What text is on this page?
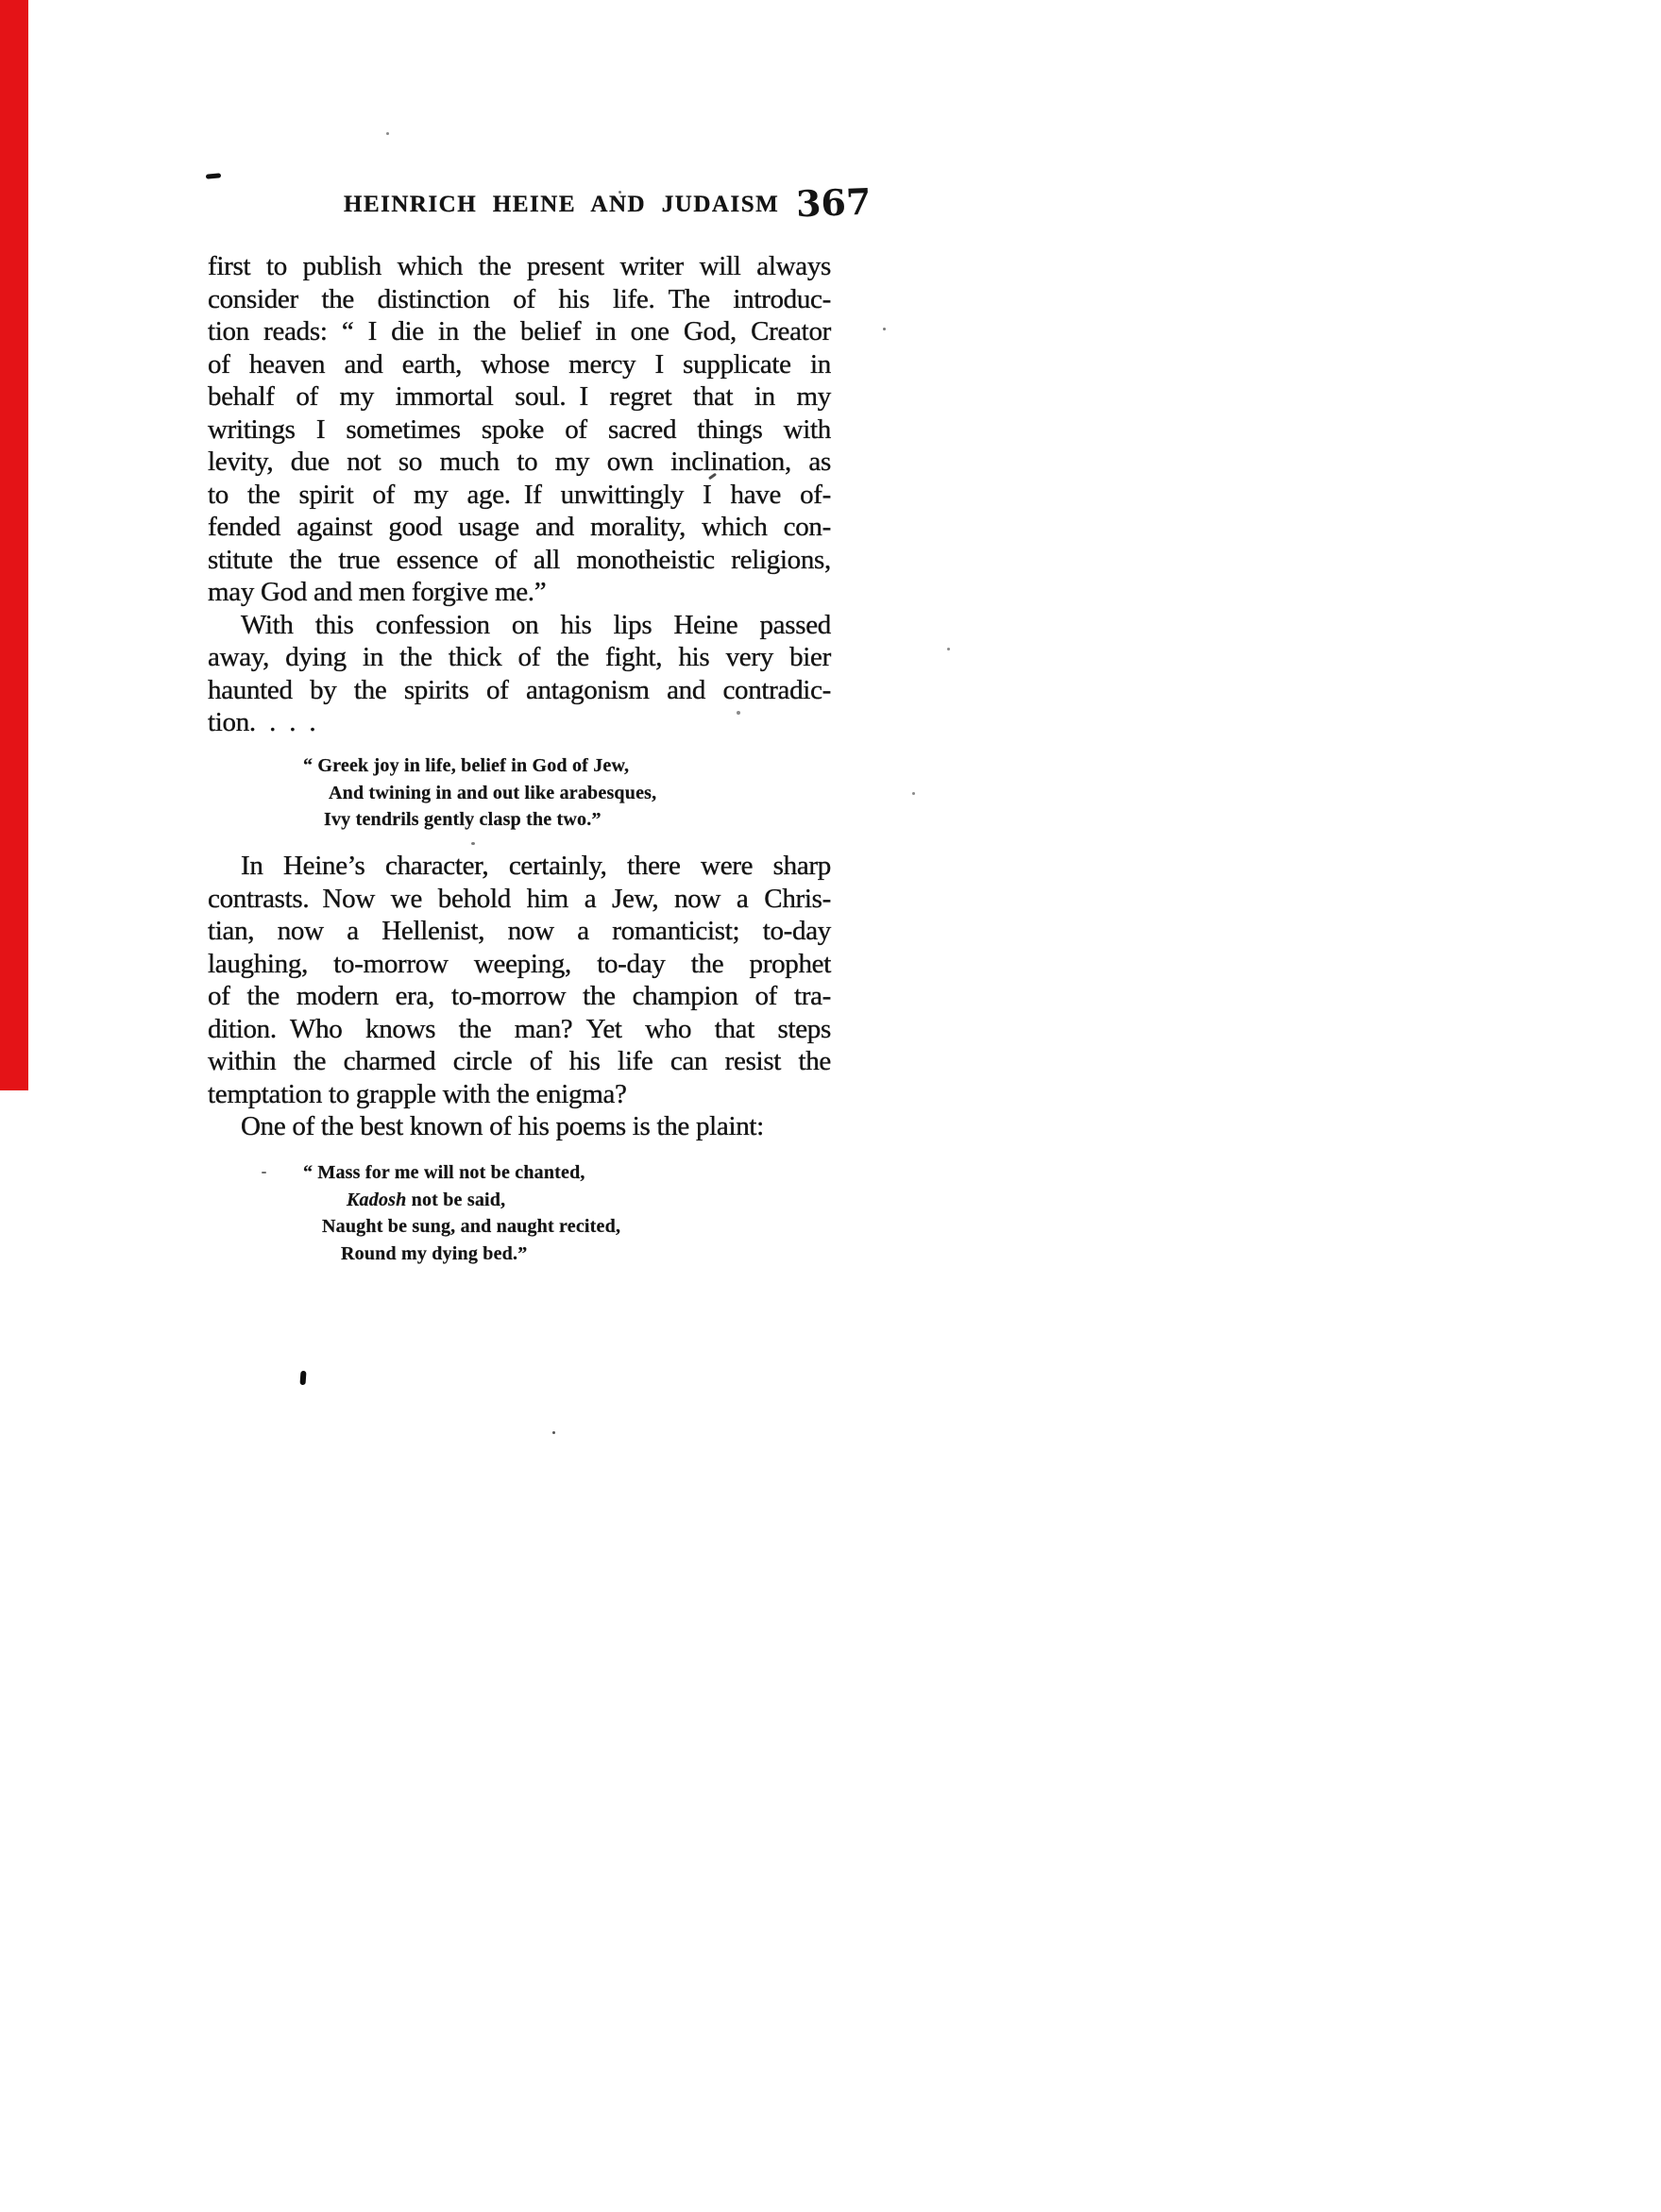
HEINRICH HEINE AND JUDAISM 367
first to publish which the present writer will always
consider the distinction of his life. The introduc-
tion reads: “ I die in the belief in one God, Creator
of heaven and earth, whose mercy I supplicate in
behalf of my immortal soul. I regret that in my
writings I sometimes spoke of sacred things with
levity, due not so much to my own inclination, as
to the spirit of my age. If unwittingly I have of-
fended against good usage and morality, which con-
stitute the true essence of all monotheistic religions,
may God and men forgive me.”
With this confession on his lips Heine passed
away, dying in the thick of the fight, his very bier
haunted by the spirits of antagonism and contradic-
tion. . . .
“ Greek joy in life, belief in God of Jew,
And twining in and out like arabesques,
Ivy tendrils gently clasp the two.”
In Heine’s character, certainly, there were sharp
contrasts. Now we behold him a Jew, now a Chris-
tian, now a Hellenist, now a romanticist; to-day
laughing, to-morrow weeping, to-day the prophet
of the modern era, to-morrow the champion of tra-
dition. Who knows the man? Yet who that steps
within the charmed circle of his life can resist the
temptation to grapple with the enigma?
One of the best known of his poems is the plaint:
“ Mass for me will not be chanted,
Kadosh not be said,
Naught be sung, and naught recited,
Round my dying bed.”
